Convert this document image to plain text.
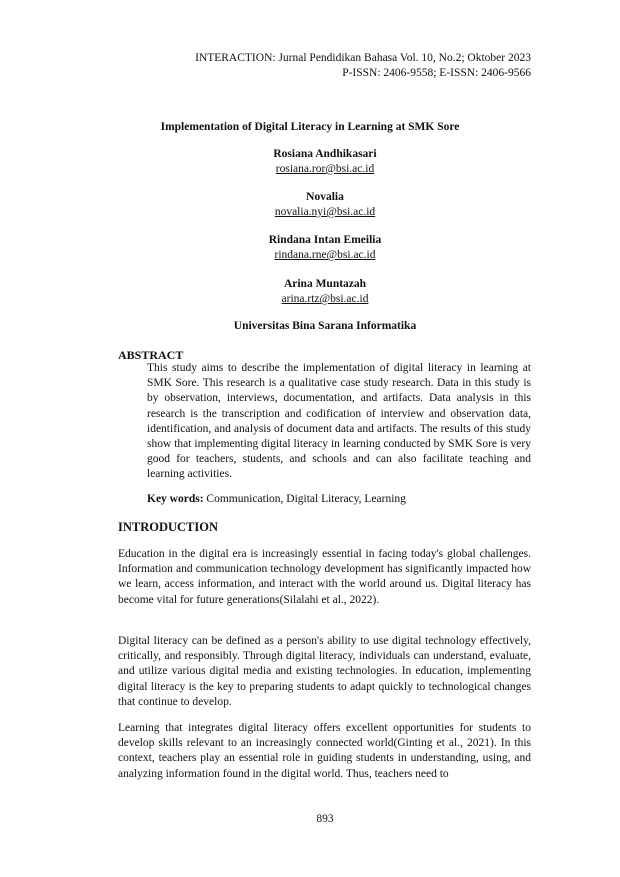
INTERACTION: Jurnal Pendidikan Bahasa Vol. 10, No.2; Oktober 2023
P-ISSN: 2406-9558; E-ISSN: 2406-9566
Implementation of Digital Literacy in Learning at SMK Sore
Rosiana Andhikasari
rosiana.ror@bsi.ac.id
Novalia
novalia.nyi@bsi.ac.id
Rindana Intan Emeilia
rindana.rne@bsi.ac.id
Arina Muntazah
arina.rtz@bsi.ac.id
Universitas Bina Sarana Informatika
ABSTRACT
This study aims to describe the implementation of digital literacy in learning at SMK Sore. This research is a qualitative case study research. Data in this study is by observation, interviews, documentation, and artifacts. Data analysis in this research is the transcription and codification of interview and observation data, identification, and analysis of document data and artifacts. The results of this study show that implementing digital literacy in learning conducted by SMK Sore is very good for teachers, students, and schools and can also facilitate teaching and learning activities.
Key words: Communication, Digital Literacy, Learning
INTRODUCTION
Education in the digital era is increasingly essential in facing today's global challenges. Information and communication technology development has significantly impacted how we learn, access information, and interact with the world around us. Digital literacy has become vital for future generations(Silalahi et al., 2022).
Digital literacy can be defined as a person's ability to use digital technology effectively, critically, and responsibly. Through digital literacy, individuals can understand, evaluate, and utilize various digital media and existing technologies. In education, implementing digital literacy is the key to preparing students to adapt quickly to technological changes that continue to develop.
Learning that integrates digital literacy offers excellent opportunities for students to develop skills relevant to an increasingly connected world(Ginting et al., 2021). In this context, teachers play an essential role in guiding students in understanding, using, and analyzing information found in the digital world. Thus, teachers need to
893
